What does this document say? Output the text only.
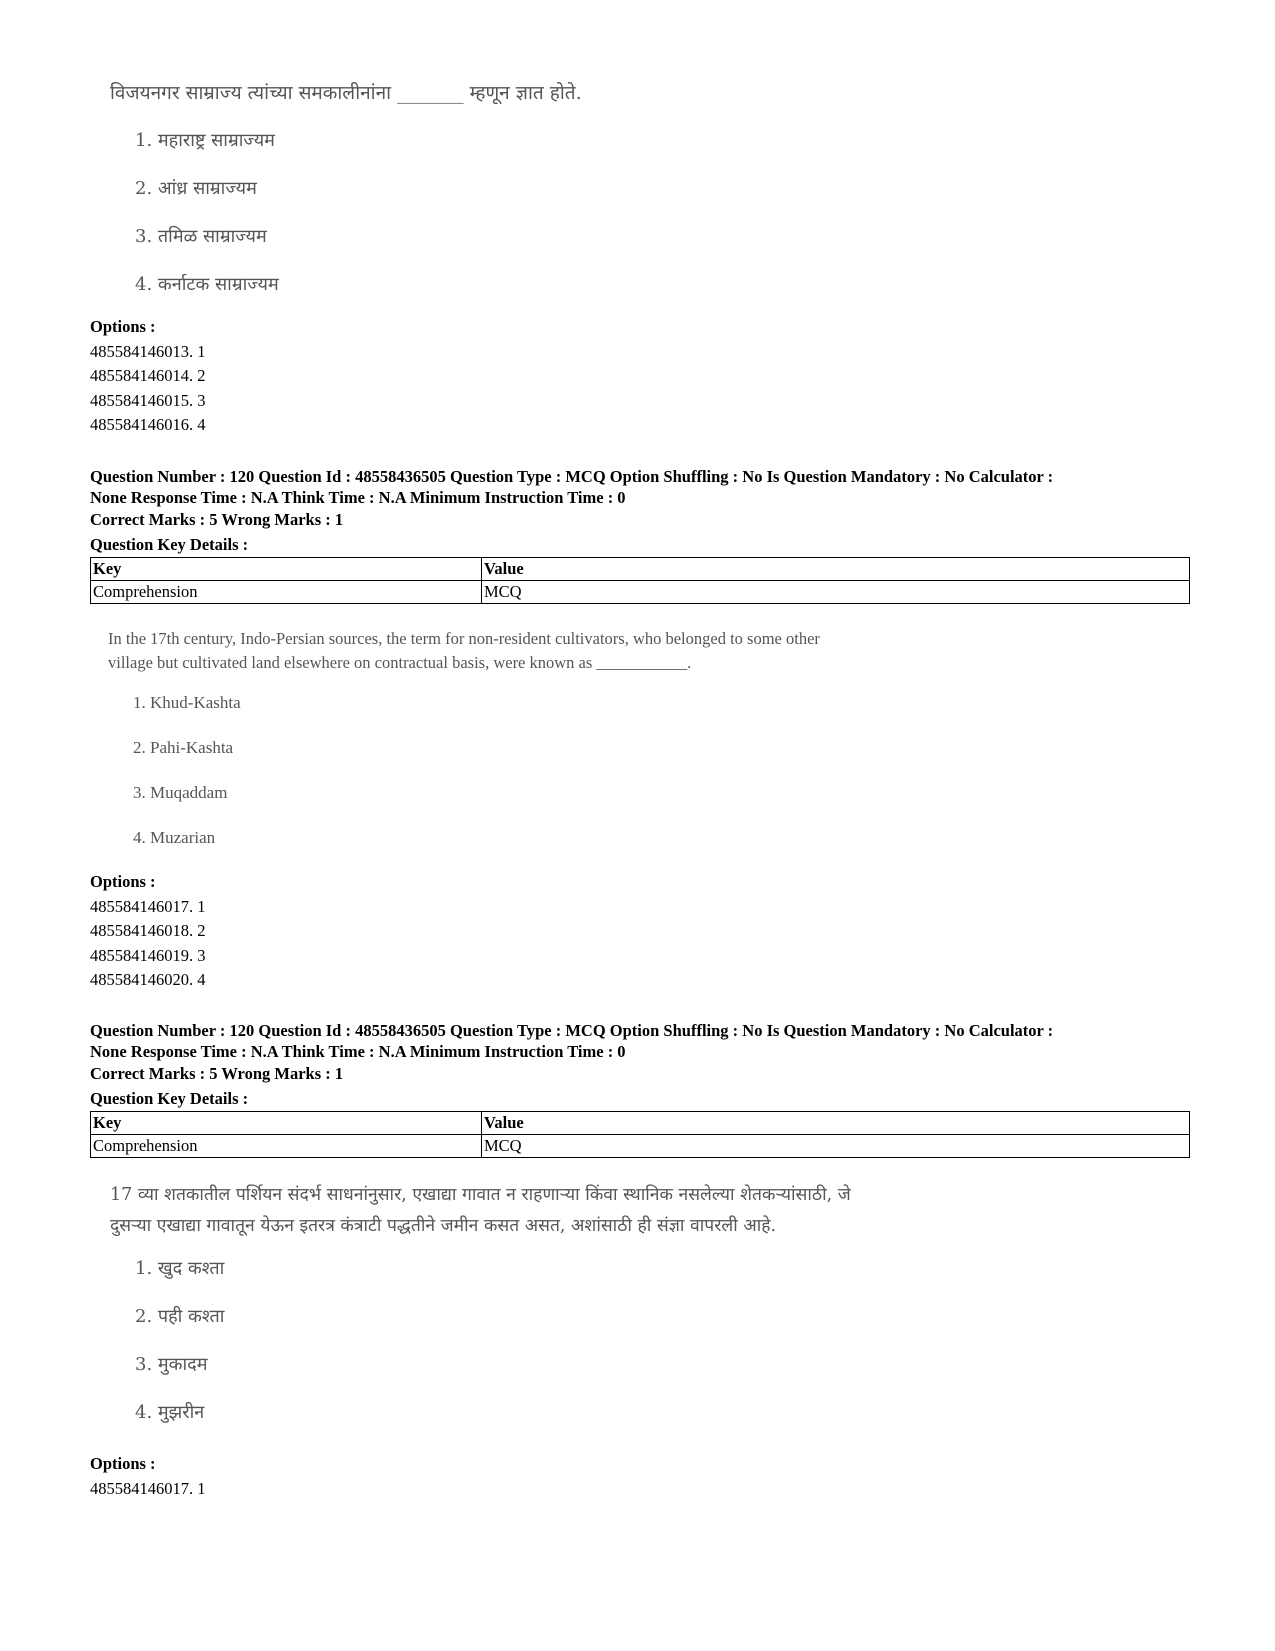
विजयनगर साम्राज्य त्यांच्या समकालीनांना _______ म्हणून ज्ञात होते.
1. महाराष्ट्र साम्राज्यम
2. आंध्र साम्राज्यम
3. तमिळ साम्राज्यम
4. कर्नाटक साम्राज्यम
Options :
485584146013. 1
485584146014. 2
485584146015. 3
485584146016. 4
Question Number : 120 Question Id : 48558436505 Question Type : MCQ Option Shuffling : No Is Question Mandatory : No Calculator :
None Response Time : N.A Think Time : N.A Minimum Instruction Time : 0
Correct Marks : 5 Wrong Marks : 1
Question Key Details :
Key	Value
Comprehension	MCQ
In the 17th century, Indo-Persian sources, the term for non-resident cultivators, who belonged to some other
village but cultivated land elsewhere on contractual basis, were known as ___________.
1. Khud-Kashta
2. Pahi-Kashta
3. Muqaddam
4. Muzarian
Options :
485584146017. 1
485584146018. 2
485584146019. 3
485584146020. 4
Question Number : 120 Question Id : 48558436505 Question Type : MCQ Option Shuffling : No Is Question Mandatory : No Calculator :
None Response Time : N.A Think Time : N.A Minimum Instruction Time : 0
Correct Marks : 5 Wrong Marks : 1
Question Key Details :
Key	Value
Comprehension	MCQ
17 व्या शतकातील पर्शियन संदर्भ साधनांनुसार, एखाद्या गावात न राहणाऱ्या किंवा स्थानिक नसलेल्या शेतकऱ्यांसाठी, जे
दुसऱ्या एखाद्या गावातून येऊन इतरत्र कंत्राटी पद्धतीने जमीन कसत असत, अशांसाठी ही संज्ञा वापरली आहे.
1. खुद कश्ता
2. पही कश्ता
3. मुकादम
4. मुझरीन
Options :
485584146017. 1
